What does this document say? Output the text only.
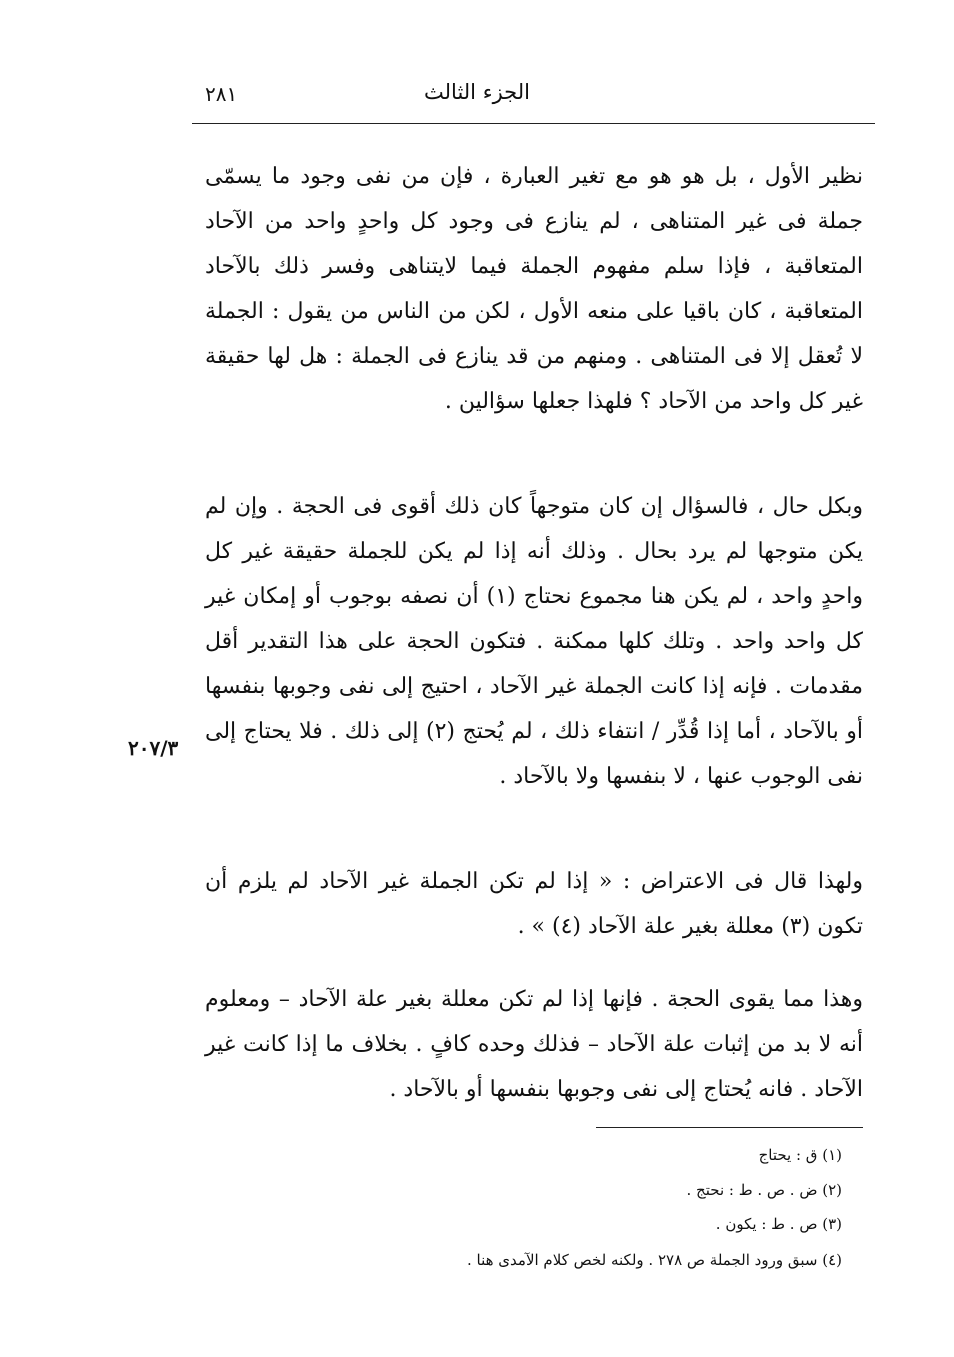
الجزء الثالث
٢٨١

نظير الأول ، بل هو هو مع تغير العبارة ، فإن من نفى وجود ما يسمّى جملة فى غير المتناهى ، لم ينازع فى وجود كل واحدٍ واحد من الآحاد المتعاقبة ، فإذا سلم مفهوم الجملة فيما لايتناهى وفسر ذلك بالآحاد المتعاقبة ، كان باقيا على منعه الأول ، لكن من الناس من يقول : الجملة لا تُعقل إلا فى المتناهى . ومنهم من قد ينازع فى الجملة : هل لها حقيقة غير كل واحد من الآحاد ؟ فلهذا جعلها سؤالين .

وبكل حال ، فالسؤال إن كان متوجهاً كان ذلك أقوى فى الحجة . وإن لم يكن متوجها لم يرد بحال . وذلك أنه إذا لم يكن للجملة حقيقة غير كل واحدٍ واحد ، لم يكن هنا مجموع نحتاج (١) أن نصفه بوجوب أو إمكان غير كل واحد واحد . وتلك كلها ممكنة . فتكون الحجة على هذا التقدير أقل مقدمات . فإنه إذا كانت الجملة غير الآحاد ، احتيج إلى نفى وجوبها بنفسها أو بالآحاد ، أما إذا قُدِّر / انتفاء ذلك ، لم يُحتج (٢) إلى ذلك . فلا يحتاج إلى نفى الوجوب عنها ، لا بنفسها ولا بالآحاد .

ولهذا قال فى الاعتراض : « إذا لم تكن الجملة غير الآحاد لم يلزم أن تكون (٣) معللة بغير علة الآحاد (٤) » .

وهذا مما يقوى الحجة . فإنها إذا لم تكن معللة بغير علة الآحاد – ومعلوم أنه لا بد من إثبات علة الآحاد – فذلك وحده كافٍ . بخلاف ما إذا كانت غير الآحاد . فانه يُحتاج إلى نفى وجوبها بنفسها أو بالآحاد .

٢٠٧/٣
(١) ق : يحتاج
(٢) ض . ص . ط : نحتج .
(٣) ص . ط : يكون .
(٤) سبق ورود الجملة ص ٢٧٨ . ولكنه لخص كلام الآمدى هنا .
